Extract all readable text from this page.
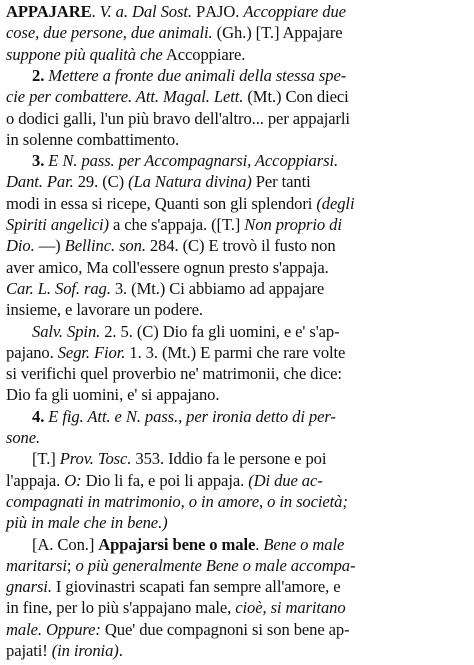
APPAJARE. V. a. Dal Sost. PAJO. Accoppiare due
cose, due persone, due animali. (Gh.) [T.] Appajare
suppone più qualità che Accoppiare.
2. Mettere a fronte due animali della stessa spe-
cie per combattere. Att. Magal. Lett. (Mt.) Con dieci
o dodici galli, l'un più bravo dell'altro... per appajarli
in solenne combattimento.
3. E N. pass. per Accompagnarsi, Accoppiarsi.
Dant. Par. 29. (C) (La Natura divina) Per tanti
modi in essa si ricepe, Quanti son gli splendori (degli
Spiriti angelici) a che s'appaja. ([T.] Non proprio di
Dio. —) Bellinc. son. 284. (C) E trovò il fusto non
aver amico, Ma coll'essere ognun presto s'appaja.
Car. L. Sof. rag. 3. (Mt.) Ci abbiamo ad appajare
insieme, e lavorare un podere.
Salv. Spin. 2. 5. (C) Dio fa gli uomini, e e' s'ap-
pajano. Segr. Fior. 1. 3. (Mt.) E parmi che rare volte
si verifichi quel proverbio ne' matrimonii, che dice:
Dio fa gli uomini, e' si appajano.
4. E fig. Att. e N. pass., per ironia detto di per-
sone.
[T.] Prov. Tosc. 353. Iddio fa le persone e poi
l'appaja. O: Dio li fa, e poi li appaja. (Di due ac-
compagnati in matrimonio, o in amore, o in società;
più in male che in bene.)
[A. Con.] Appajarsi bene o male. Bene o male
maritarsi; o più generalmente Bene o male accompa-
gnarsi. I giovinastri scapati fan sempre all'amore, e
in fine, per lo più s'appajano male, cioè, si maritano
male. Oppure: Que' due compagnoni si son bene ap-
pajati! (in ironia).
